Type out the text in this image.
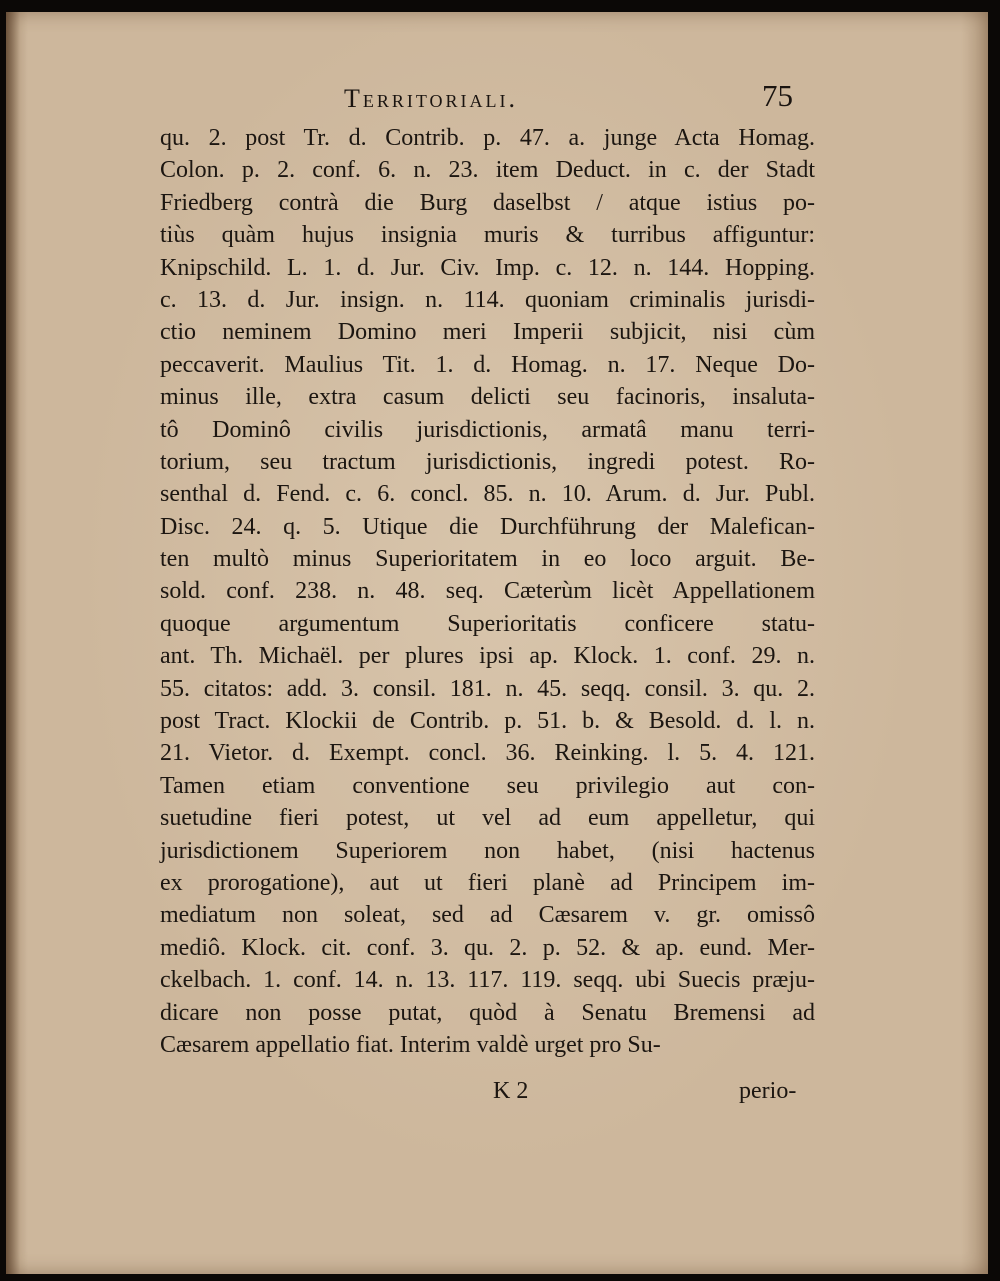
Territoriali.	75
qu. 2. post Tr. d. Contrib. p. 47. a. junge Acta Homag.
Colon. p. 2. conf. 6. n. 23. item Deduct. in c. der Stadt
Friedberg contrà die Burg daselbst / atque istius po-
tiùs quàm hujus insignia muris & turribus affiguntur:
Knipschild. L. 1. d. Jur. Civ. Imp. c. 12. n. 144. Hopping.
c. 13. d. Jur. insign. n. 114. quoniam criminalis jurisdi-
ctio neminem Domino meri Imperii subjicit, nisi cùm
peccaverit. Maulius Tit. 1. d. Homag. n. 17. Neque Do-
minus ille, extra casum delicti seu facinoris, insaluta-
tô Dominô civilis jurisdictionis, armatâ manu terri-
torium, seu tractum jurisdictionis, ingredi potest. Ro-
senthal d. Fend. c. 6. concl. 85. n. 10. Arum. d. Jur. Publ.
Disc. 24. q. 5. Utique die Durchführung der Malefican-
ten multò minus Superioritatem in eo loco arguit. Be-
sold. conf. 238. n. 48. seq. Cæterùm licèt Appellationem
quoque argumentum Superioritatis conficere statu-
ant. Th. Michaël. per plures ipsi ap. Klock. 1. conf. 29. n.
55. citatos: add. 3. consil. 181. n. 45. seqq. consil. 3. qu. 2.
post Tract. Klockii de Contrib. p. 51. b. & Besold. d. l. n.
21. Vietor. d. Exempt. concl. 36. Reinking. l. 5. 4. 121.
Tamen etiam conventione seu privilegio aut con-
suetudine fieri potest, ut vel ad eum appelletur, qui
jurisdictionem Superiorem non habet, (nisi hactenus
ex prorogatione), aut ut fieri planè ad Principem im-
mediatum non soleat, sed ad Cæsarem v. gr. omissô
mediô. Klock. cit. conf. 3. qu. 2. p. 52. & ap. eund. Mer-
ckelbach. 1. conf. 14. n. 13. 117. 119. seqq. ubi Suecis præju-
dicare non posse putat, quòd à Senatu Bremensi ad
Cæsarem appellatio fiat. Interim valdè urget pro Su-
K 2	perio-
